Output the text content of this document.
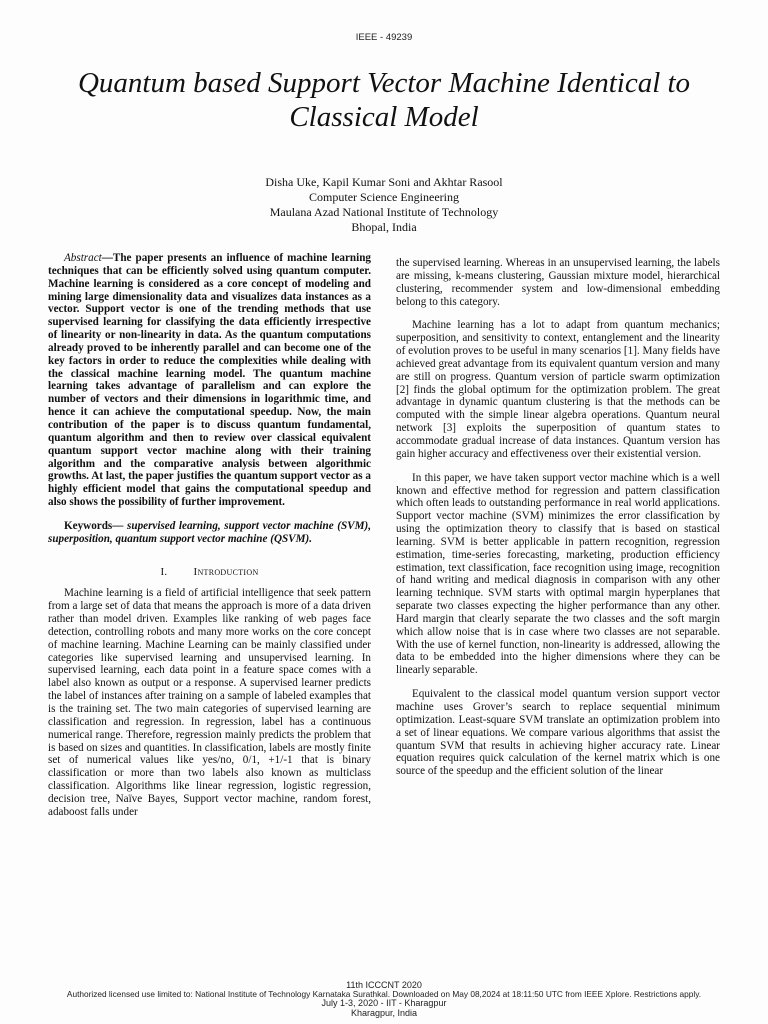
IEEE - 49239
Quantum based Support Vector Machine Identical to Classical Model
Disha Uke, Kapil Kumar Soni and Akhtar Rasool
Computer Science Engineering
Maulana Azad National Institute of Technology
Bhopal, India

Abstract—The paper presents an influence of machine learning techniques that can be efficiently solved using quantum computer. Machine learning is considered as a core concept of modeling and mining large dimensionality data and visualizes data instances as a vector. Support vector is one of the trending methods that use supervised learning for classifying the data efficiently irrespective of linearity or non-linearity in data. As the quantum computations already proved to be inherently parallel and can become one of the key factors in order to reduce the complexities while dealing with the classical machine learning model. The quantum machine learning takes advantage of parallelism and can explore the number of vectors and their dimensions in logarithmic time, and hence it can achieve the computational speedup. Now, the main contribution of the paper is to discuss quantum fundamental, quantum algorithm and then to review over classical equivalent quantum support vector machine along with their training algorithm and the comparative analysis between algorithmic growths. At last, the paper justifies the quantum support vector as a highly efficient model that gains the computational speedup and also shows the possibility of further improvement.

Keywords— supervised learning, support vector machine (SVM), superposition, quantum support vector machine (QSVM).

I. Introduction

Machine learning is a field of artificial intelligence that seek pattern from a large set of data that means the approach is more of a data driven rather than model driven. Examples like ranking of web pages face detection, controlling robots and many more works on the core concept of machine learning. Machine Learning can be mainly classified under categories like supervised learning and unsupervised learning. In supervised learning, each data point in a feature space comes with a label also known as output or a response. A supervised learner predicts the label of instances after training on a sample of labeled examples that is the training set. The two main categories of supervised learning are classification and regression. In regression, label has a continuous numerical range. Therefore, regression mainly predicts the problem that is based on sizes and quantities. In classification, labels are mostly finite set of numerical values like yes/no, 0/1, +1/-1 that is binary classification or more than two labels also known as multiclass classification. Algorithms like linear regression, logistic regression, decision tree, Naïve Bayes, Support vector machine, random forest, adaboost falls under

the supervised learning. Whereas in an unsupervised learning, the labels are missing, k-means clustering, Gaussian mixture model, hierarchical clustering, recommender system and low-dimensional embedding belong to this category.

Machine learning has a lot to adapt from quantum mechanics; superposition, and sensitivity to context, entanglement and the linearity of evolution proves to be useful in many scenarios [1]. Many fields have achieved great advantage from its equivalent quantum version and many are still on progress. Quantum version of particle swarm optimization [2] finds the global optimum for the optimization problem. The great advantage in dynamic quantum clustering is that the methods can be computed with the simple linear algebra operations. Quantum neural network [3] exploits the superposition of quantum states to accommodate gradual increase of data instances. Quantum version has gain higher accuracy and effectiveness over their existential version.

In this paper, we have taken support vector machine which is a well known and effective method for regression and pattern classification which often leads to outstanding performance in real world applications. Support vector machine (SVM) minimizes the error classification by using the optimization theory to classify that is based on stastical learning. SVM is better applicable in pattern recognition, regression estimation, time-series forecasting, marketing, production efficiency estimation, text classification, face recognition using image, recognition of hand writing and medical diagnosis in comparison with any other learning technique. SVM starts with optimal margin hyperplanes that separate two classes expecting the higher performance than any other. Hard margin that clearly separate the two classes and the soft margin which allow noise that is in case where two classes are not separable. With the use of kernel function, non-linearity is addressed, allowing the data to be embedded into the higher dimensions where they can be linearly separable.

Equivalent to the classical model quantum version support vector machine uses Grover’s search to replace sequential minimum optimization. Least-square SVM translate an optimization problem into a set of linear equations. We compare various algorithms that assist the quantum SVM that results in achieving higher accuracy rate. Linear equation requires quick calculation of the kernel matrix which is one source of the speedup and the efficient solution of the linear

11th ICCCNT 2020
Authorized licensed use limited to: National Institute of Technology Karnataka Surathkal. Downloaded on May 08,2024 at 18:11:50 UTC from IEEE Xplore. Restrictions apply.
July 1-3, 2020 - IIT - Kharagpur
Kharagpur, India
